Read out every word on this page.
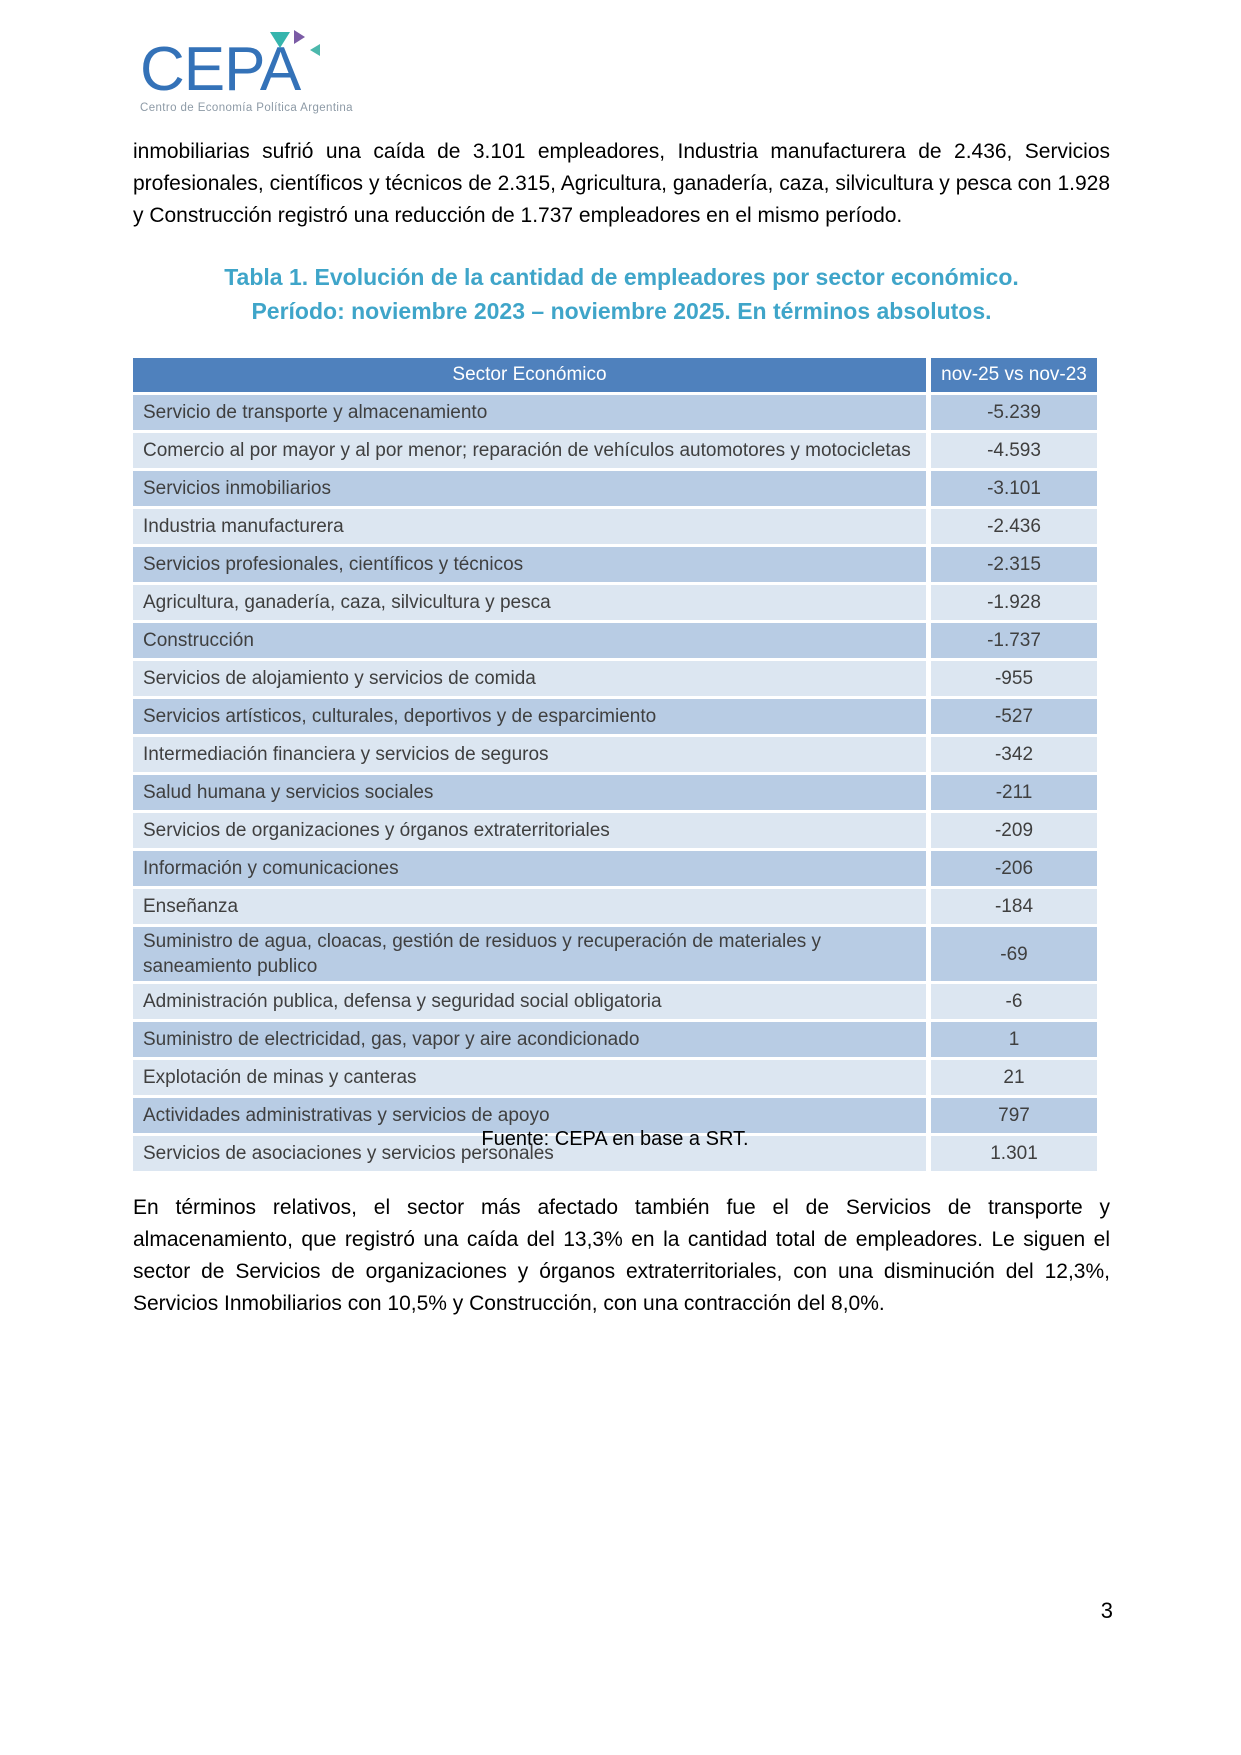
CEPA
Centro de Economía Política Argentina

inmobiliarias sufrió una caída de 3.101 empleadores, Industria manufacturera de 2.436, Servicios profesionales, científicos y técnicos de 2.315, Agricultura, ganadería, caza, silvicultura y pesca con 1.928 y Construcción registró una reducción de 1.737 empleadores en el mismo período.

Tabla 1. Evolución de la cantidad de empleadores por sector económico.
Período: noviembre 2023 – noviembre 2025. En términos absolutos.
Sector Económico	nov-25 vs nov-23
Servicio de transporte y almacenamiento	-5.239
Comercio al por mayor y al por menor; reparación de vehículos automotores y motocicletas	-4.593
Servicios inmobiliarios	-3.101
Industria manufacturera	-2.436
Servicios profesionales, científicos y técnicos	-2.315
Agricultura, ganadería, caza, silvicultura y pesca	-1.928
Construcción	-1.737
Servicios de alojamiento y servicios de comida	-955
Servicios artísticos, culturales, deportivos y de esparcimiento	-527
Intermediación financiera y servicios de seguros	-342
Salud humana y servicios sociales	-211
Servicios de organizaciones y órganos extraterritoriales	-209
Información y comunicaciones	-206
Enseñanza	-184
Suministro de agua, cloacas, gestión de residuos y recuperación de materiales y saneamiento publico	-69
Administración publica, defensa y seguridad social obligatoria	-6
Suministro de electricidad, gas, vapor y aire acondicionado	1
Explotación de minas y canteras	21
Actividades administrativas y servicios de apoyo	797
Servicios de asociaciones y servicios personales	1.301

Fuente: CEPA en base a SRT.

En términos relativos, el sector más afectado también fue el de Servicios de transporte y almacenamiento, que registró una caída del 13,3% en la cantidad total de empleadores. Le siguen el sector de Servicios de organizaciones y órganos extraterritoriales, con una disminución del 12,3%, Servicios Inmobiliarios con 10,5% y Construcción, con una contracción del 8,0%.

3
